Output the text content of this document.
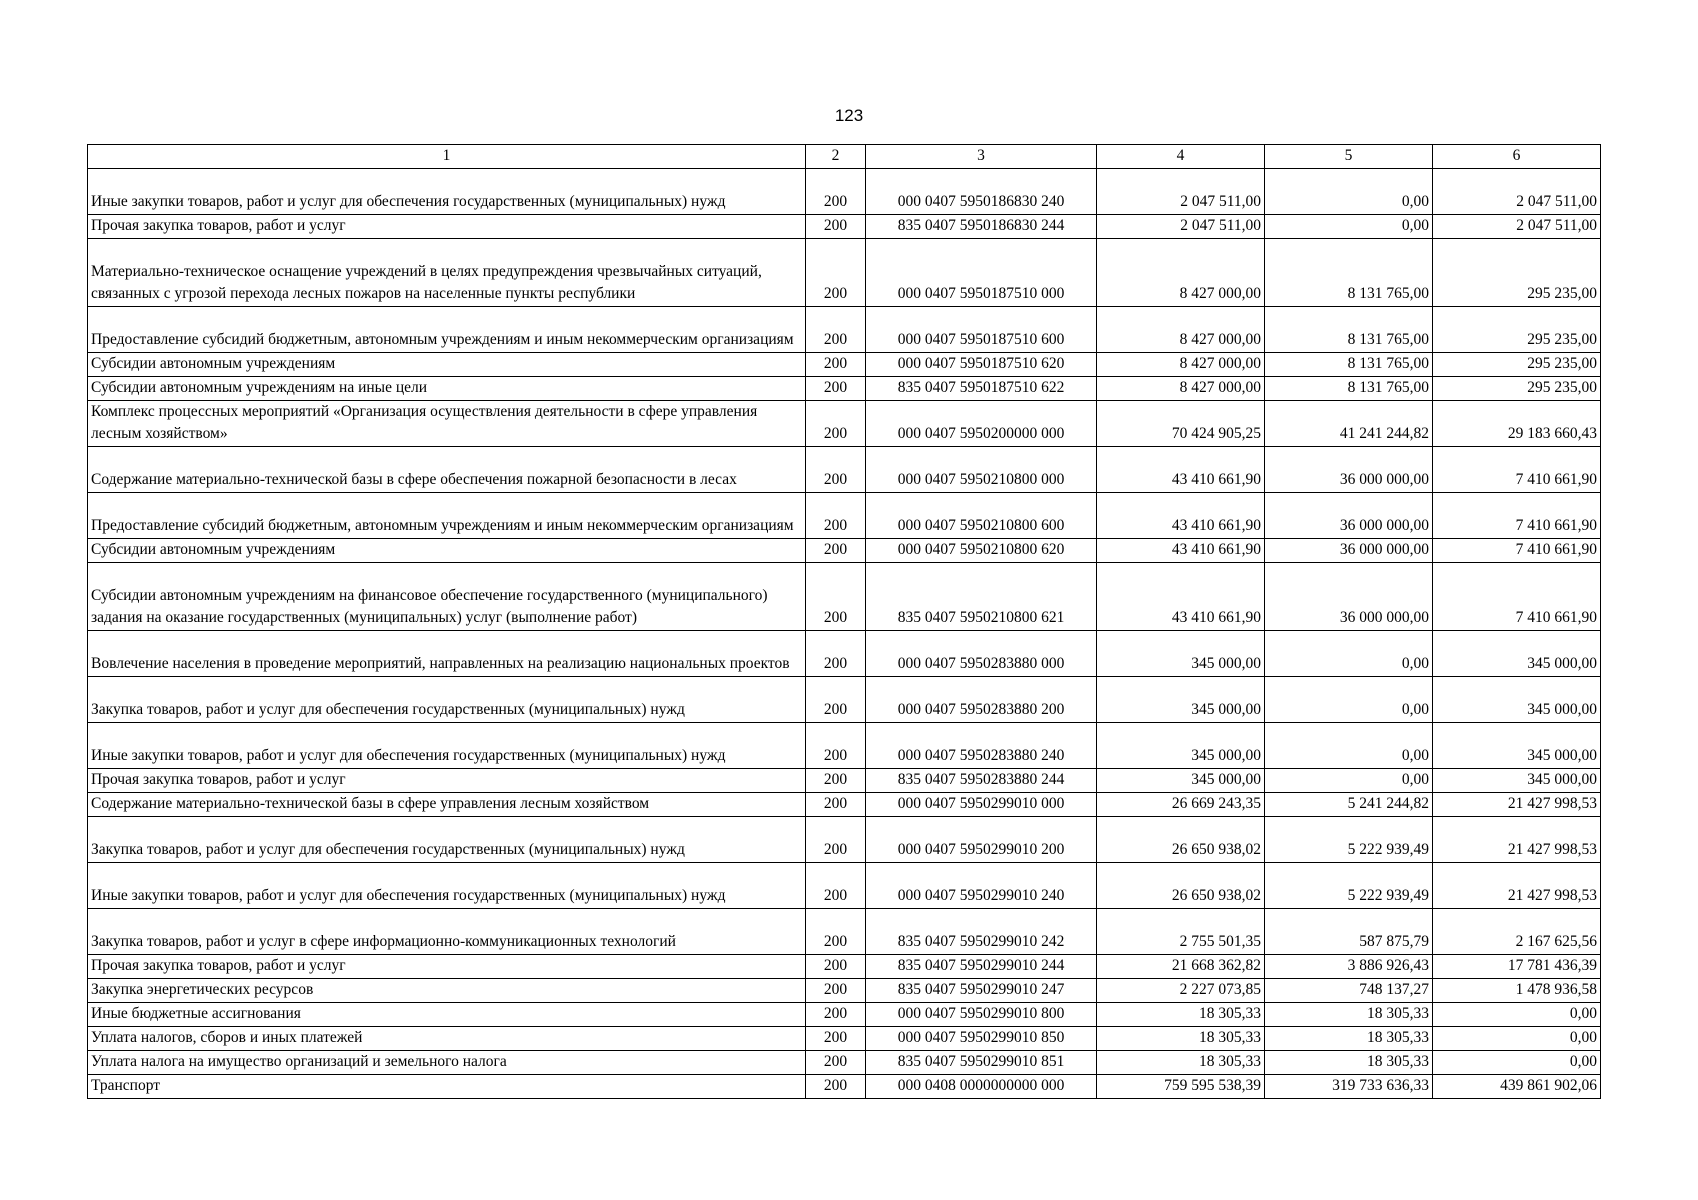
123
1	2	3	4	5	6
Иные закупки товаров, работ и услуг для обеспечения государственных (муниципальных) нужд	200	000 0407 5950186830 240	2 047 511,00	0,00	2 047 511,00
Прочая закупка товаров, работ и услуг	200	835 0407 5950186830 244	2 047 511,00	0,00	2 047 511,00
Материально-техническое оснащение учреждений в целях предупреждения чрезвычайных ситуаций, связанных с угрозой перехода лесных пожаров на населенные пункты республики	200	000 0407 5950187510 000	8 427 000,00	8 131 765,00	295 235,00
Предоставление субсидий бюджетным, автономным учреждениям и иным некоммерческим организациям	200	000 0407 5950187510 600	8 427 000,00	8 131 765,00	295 235,00
Субсидии автономным учреждениям	200	000 0407 5950187510 620	8 427 000,00	8 131 765,00	295 235,00
Субсидии автономным учреждениям на иные цели	200	835 0407 5950187510 622	8 427 000,00	8 131 765,00	295 235,00
Комплекс процессных мероприятий «Организация осуществления деятельности в сфере управления лесным хозяйством»	200	000 0407 5950200000 000	70 424 905,25	41 241 244,82	29 183 660,43
Содержание материально-технической базы в сфере обеспечения пожарной безопасности в лесах	200	000 0407 5950210800 000	43 410 661,90	36 000 000,00	7 410 661,90
Предоставление субсидий бюджетным, автономным учреждениям и иным некоммерческим организациям	200	000 0407 5950210800 600	43 410 661,90	36 000 000,00	7 410 661,90
Субсидии автономным учреждениям	200	000 0407 5950210800 620	43 410 661,90	36 000 000,00	7 410 661,90
Субсидии автономным учреждениям на финансовое обеспечение государственного (муниципального) задания на оказание государственных (муниципальных) услуг (выполнение работ)	200	835 0407 5950210800 621	43 410 661,90	36 000 000,00	7 410 661,90
Вовлечение населения в проведение мероприятий, направленных на реализацию национальных проектов	200	000 0407 5950283880 000	345 000,00	0,00	345 000,00
Закупка товаров, работ и услуг для обеспечения государственных (муниципальных) нужд	200	000 0407 5950283880 200	345 000,00	0,00	345 000,00
Иные закупки товаров, работ и услуг для обеспечения государственных (муниципальных) нужд	200	000 0407 5950283880 240	345 000,00	0,00	345 000,00
Прочая закупка товаров, работ и услуг	200	835 0407 5950283880 244	345 000,00	0,00	345 000,00
Содержание материально-технической базы в сфере управления лесным хозяйством	200	000 0407 5950299010 000	26 669 243,35	5 241 244,82	21 427 998,53
Закупка товаров, работ и услуг для обеспечения государственных (муниципальных) нужд	200	000 0407 5950299010 200	26 650 938,02	5 222 939,49	21 427 998,53
Иные закупки товаров, работ и услуг для обеспечения государственных (муниципальных) нужд	200	000 0407 5950299010 240	26 650 938,02	5 222 939,49	21 427 998,53
Закупка товаров, работ и услуг в сфере информационно-коммуникационных технологий	200	835 0407 5950299010 242	2 755 501,35	587 875,79	2 167 625,56
Прочая закупка товаров, работ и услуг	200	835 0407 5950299010 244	21 668 362,82	3 886 926,43	17 781 436,39
Закупка энергетических ресурсов	200	835 0407 5950299010 247	2 227 073,85	748 137,27	1 478 936,58
Иные бюджетные ассигнования	200	000 0407 5950299010 800	18 305,33	18 305,33	0,00
Уплата налогов, сборов и иных платежей	200	000 0407 5950299010 850	18 305,33	18 305,33	0,00
Уплата налога на имущество организаций и земельного налога	200	835 0407 5950299010 851	18 305,33	18 305,33	0,00
Транспорт	200	000 0408 0000000000 000	759 595 538,39	319 733 636,33	439 861 902,06
